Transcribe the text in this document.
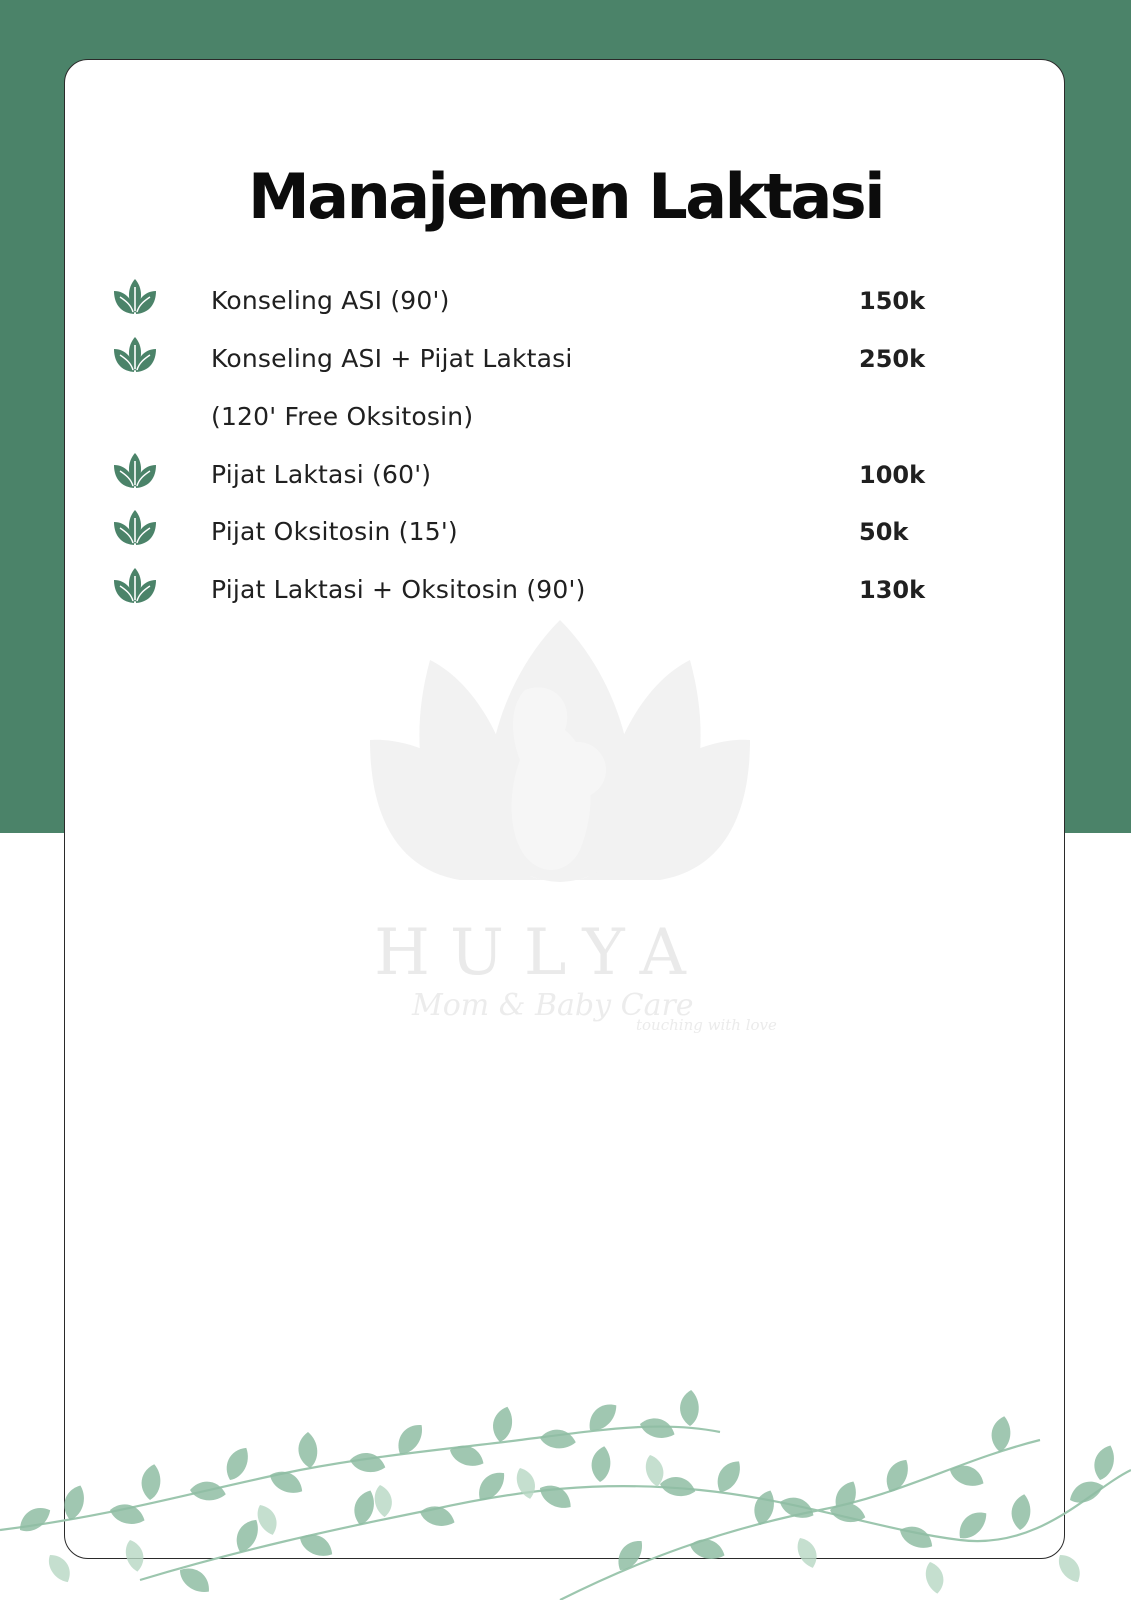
HULYA
Mom & Baby Care
touching with love
Manajemen Laktasi
Konseling ASI (90')	150k
Konseling ASI + Pijat Laktasi	250k
(120' Free Oksitosin)
Pijat Laktasi (60')	100k
Pijat Oksitosin (15')	50k
Pijat Laktasi + Oksitosin (90')	130k
